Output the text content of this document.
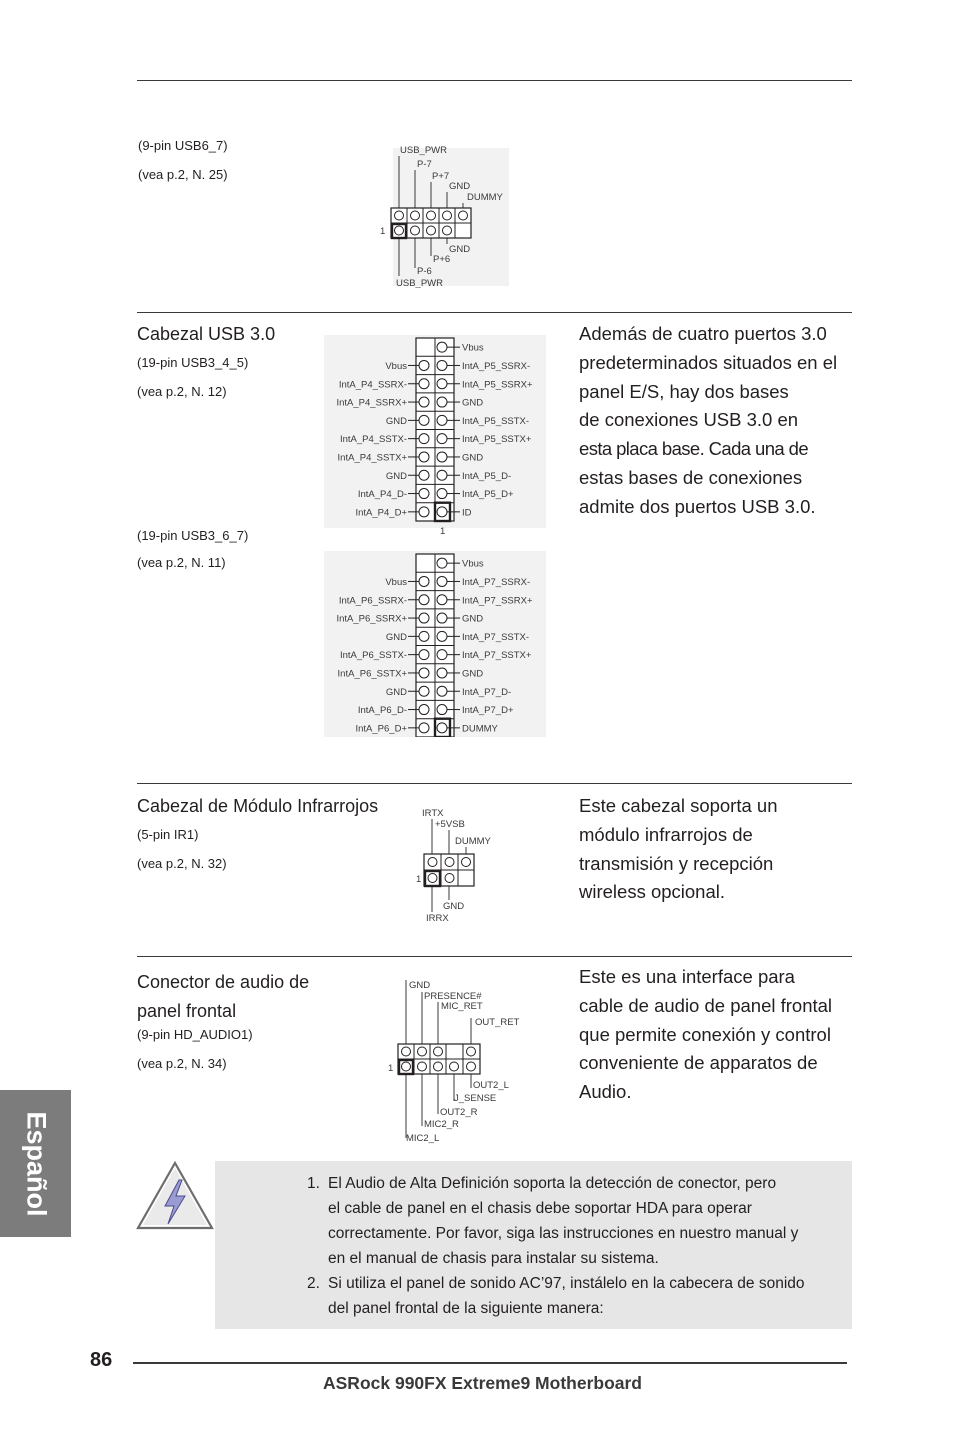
(9-pin USB6_7)
(vea p.2, N. 25)
USB_PWR
P-7
P+7
GND
DUMMY
1
GND
P+6
P-6
USB_PWR
Cabezal USB 3.0
(19-pin USB3_4_5)
(vea p.2, N. 12)
(19-pin USB3_6_7)
(vea p.2, N. 11)
Además de cuatro puertos 3.0
predeterminados situados en el
panel E/S, hay dos bases
de conexiones USB 3.0 en
esta placa base. Cada una de
estas bases de conexiones
admite dos puertos USB 3.0.
Vbus
IntA_P5_SSRX-
Vbus
IntA_P5_SSRX+
IntA_P4_SSRX-
GND
IntA_P4_SSRX+
IntA_P5_SSTX-
GND
IntA_P5_SSTX+
IntA_P4_SSTX-
GND
IntA_P4_SSTX+
IntA_P5_D-
GND
IntA_P5_D+
IntA_P4_D-
ID
IntA_P4_D+
1
Vbus
IntA_P7_SSRX-
Vbus
IntA_P7_SSRX+
IntA_P6_SSRX-
GND
IntA_P6_SSRX+
IntA_P7_SSTX-
GND
IntA_P7_SSTX+
IntA_P6_SSTX-
GND
IntA_P6_SSTX+
IntA_P7_D-
GND
IntA_P7_D+
IntA_P6_D-
DUMMY
IntA_P6_D+
Cabezal de Módulo Infrarrojos
(5-pin IR1)
(vea p.2, N. 32)
Este cabezal soporta un
módulo infrarrojos de
transmisión y recepción
wireless opcional.
IRTX
+5VSB
DUMMY
1
GND
IRRX
Conector de audio de
panel frontal
(9-pin HD_AUDIO1)
(vea p.2, N. 34)
Este es una interface para
cable de audio de panel frontal
que permite conexión y control
conveniente de apparatos de
Audio.
GND
PRESENCE#
MIC_RET
OUT_RET
1
OUT2_L
J_SENSE
OUT2_R
MIC2_R
MIC2_L
1. El Audio de Alta Definición soporta la detección de conector, pero
el cable de panel en el chasis debe soportar HDA para operar
correctamente. Por favor, siga las instrucciones en nuestro manual y
en el manual de chasis para instalar su sistema.
2. Si utiliza el panel de sonido AC’97, instálelo en la cabecera de sonido
del panel frontal de la siguiente manera:
Español
86
ASRock 990FX Extreme9 Motherboard
